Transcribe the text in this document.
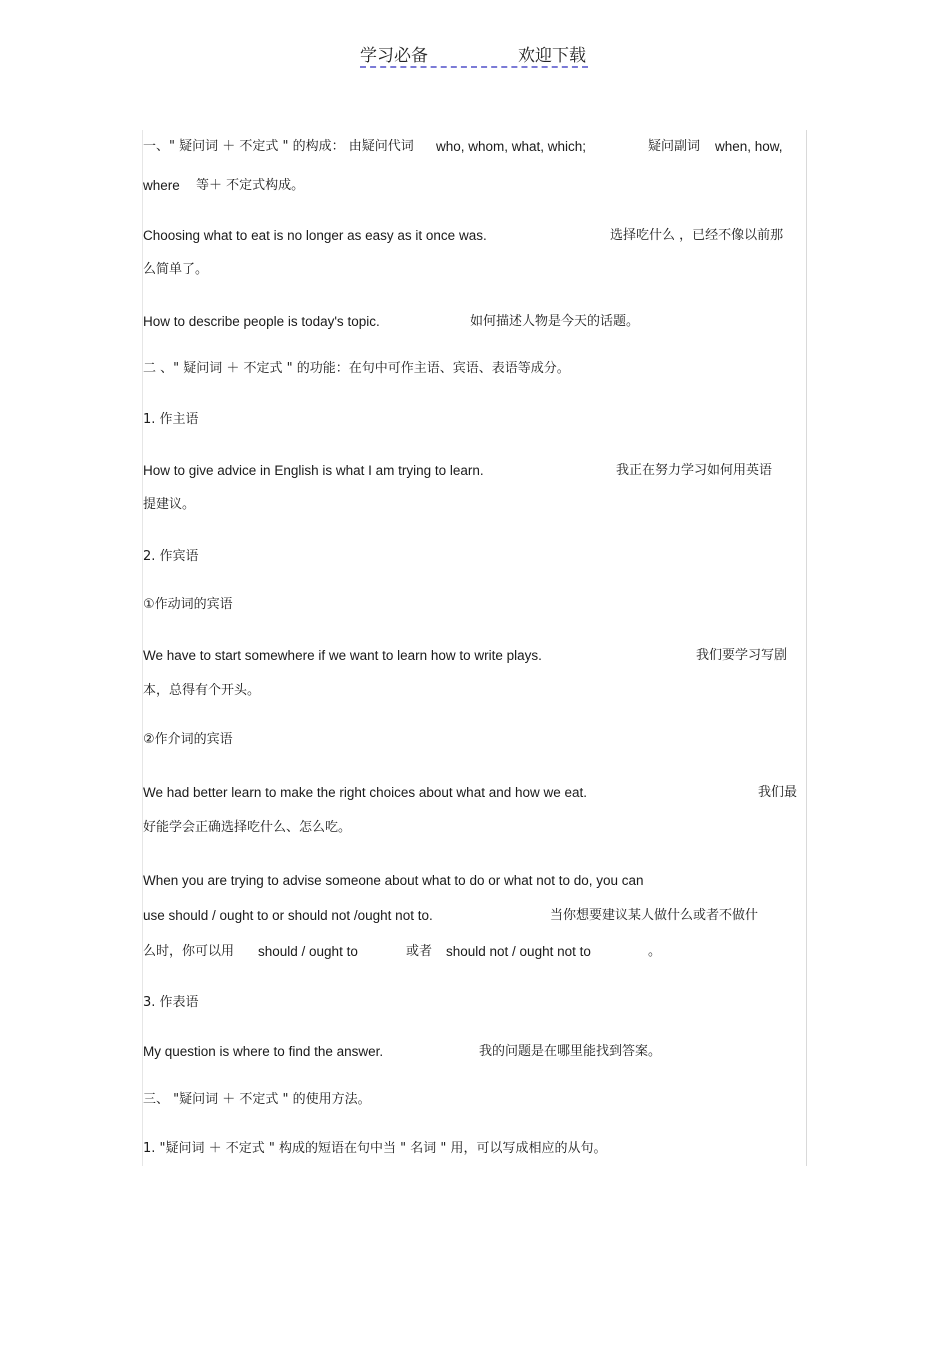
学习必备	欢迎下载
一、" 疑问词 ＋ 不定式 " 的构成： 由疑问代词 who, whom, what, which;	疑问副词 when, how,
where 等＋ 不定式构成。
Choosing what to eat is no longer as easy as it once was.	选择吃什么 ，已经不像以前那
么简单了。
How to describe people is today's topic.	如何描述人物是今天的话题。
二 、" 疑问词 ＋ 不定式 " 的功能：在句中可作主语、宾语、表语等成分。
1. 作主语
How to give advice in English is what I am trying to learn.	我正在努力学习如何用英语
提建议。
2. 作宾语
①作动词的宾语
We have to start somewhere if we want to learn how to write plays.	我们要学习写剧
本，总得有个开头。
②作介词的宾语
We had better learn to make the right choices about what and how we eat.	我们最
好能学会正确选择吃什么、怎么吃。
When you are trying to advise someone about what to do or what not to do, you can
use should / ought to or should not /ought not to.	当你想要建议某人做什么或者不做什
么时，你可以用 should / ought to	或者 should not / ought not to	。
3. 作表语
My question is where to find the answer.	我的问题是在哪里能找到答案。
三、 "疑问词 ＋ 不定式 " 的使用方法。
1. "疑问词 ＋ 不定式 " 构成的短语在句中当 " 名词 " 用，可以写成相应的从句。
